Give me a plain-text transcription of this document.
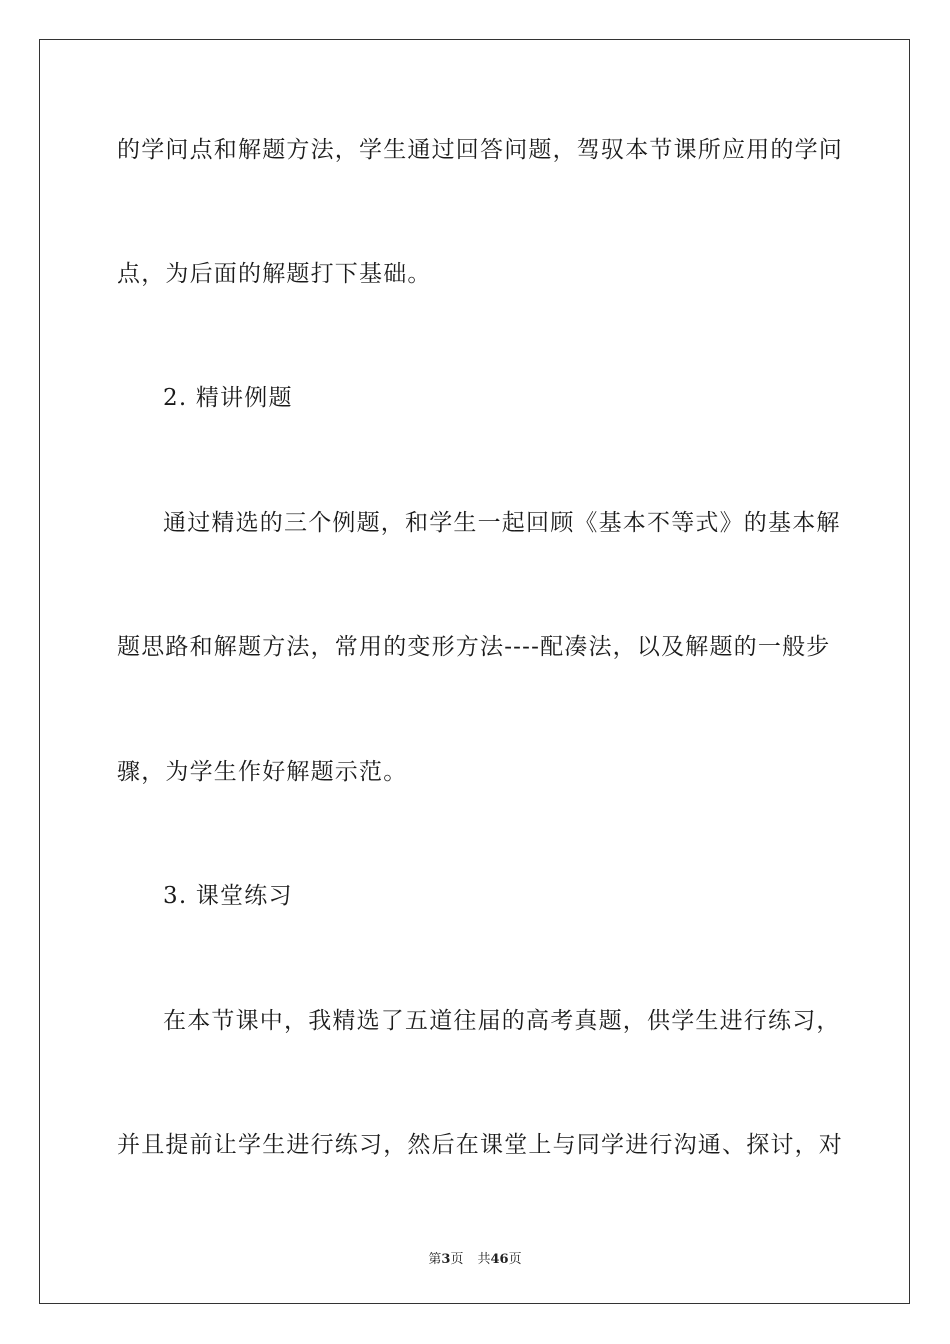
的学问点和解题方法，学生通过回答问题，驾驭本节课所应用的学问
点，为后面的解题打下基础。
2. 精讲例题
通过精选的三个例题，和学生一起回顾《基本不等式》的基本解
题思路和解题方法，常用的变形方法----配凑法，以及解题的一般步
骤，为学生作好解题示范。
3. 课堂练习
在本节课中，我精选了五道往届的高考真题，供学生进行练习，
并且提前让学生进行练习，然后在课堂上与同学进行沟通、探讨，对
第3页 共46页
